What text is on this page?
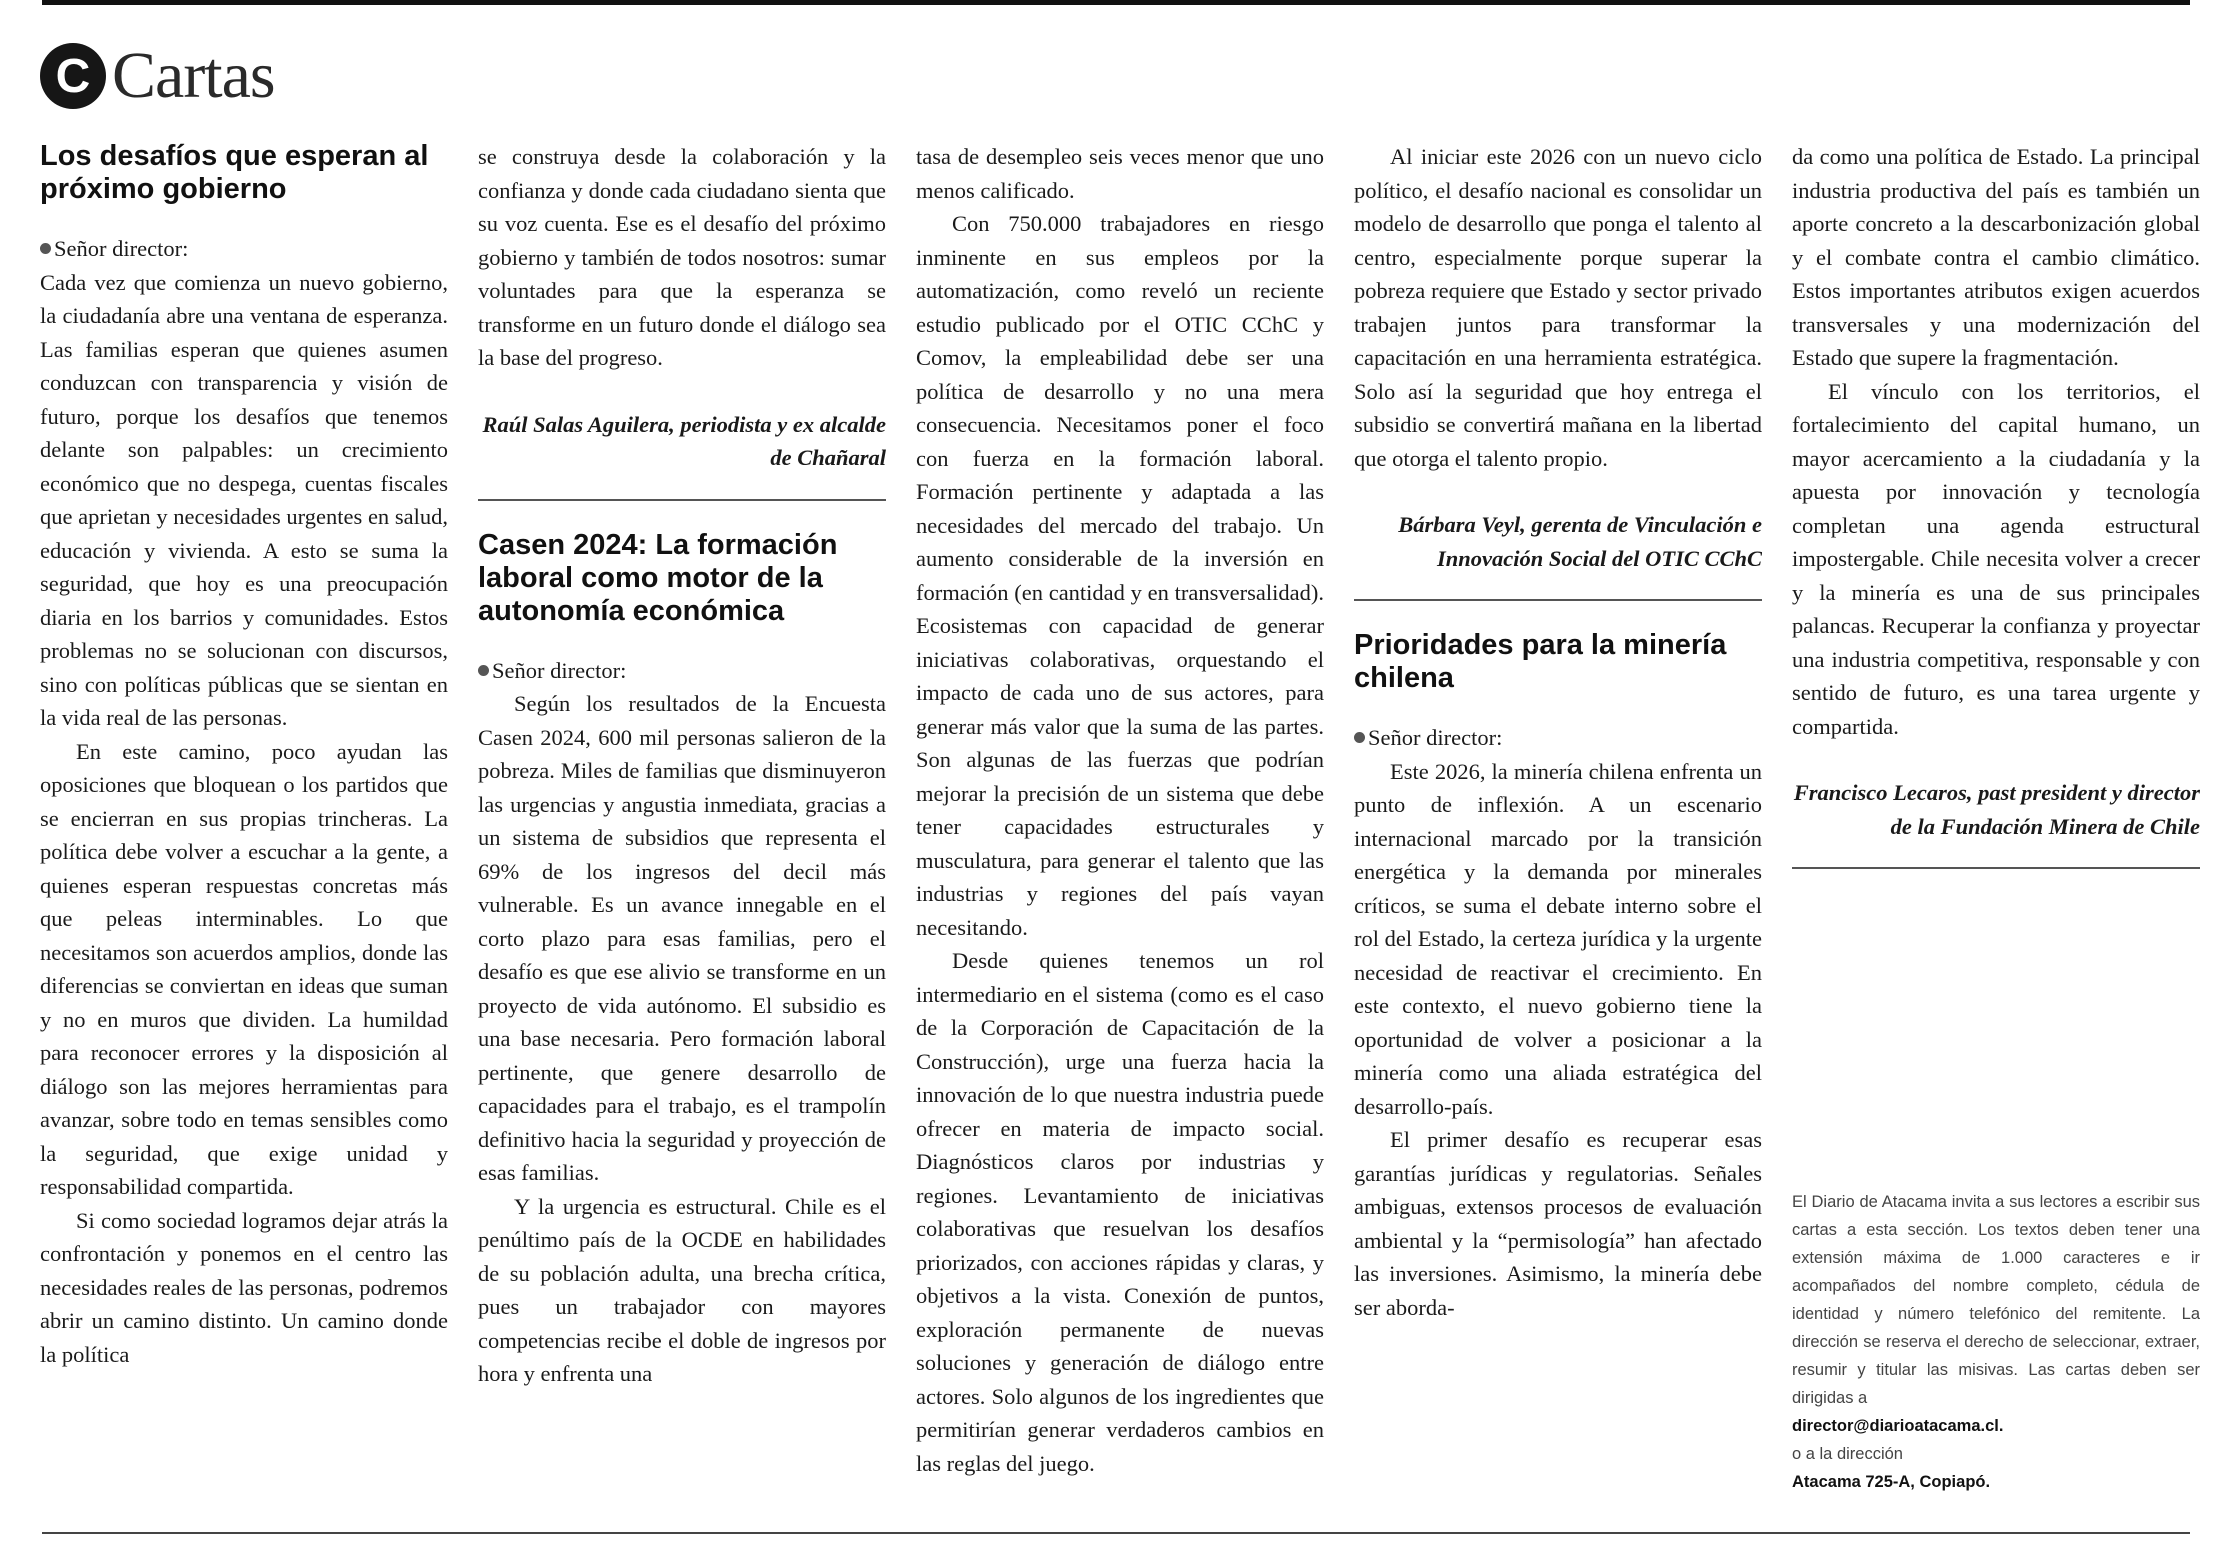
C Cartas
Los desafíos que esperan al próximo gobierno

Señor director:

Cada vez que comienza un nuevo gobierno, la ciudadanía abre una ventana de esperanza. Las familias esperan que quienes asumen conduzcan con transparencia y visión de futuro, porque los desafíos que tenemos delante son palpables: un crecimiento económico que no despega, cuentas fiscales que aprietan y necesidades urgentes en salud, educación y vivienda. A esto se suma la seguridad, que hoy es una preocupación diaria en los barrios y comunidades. Estos problemas no se solucionan con discursos, sino con políticas públicas que se sientan en la vida real de las personas.

En este camino, poco ayudan las oposiciones que bloquean o los partidos que se encierran en sus propias trincheras. La política debe volver a escuchar a la gente, a quienes esperan respuestas concretas más que peleas interminables. Lo que necesitamos son acuerdos amplios, donde las diferencias se conviertan en ideas que suman y no en muros que dividen. La humildad para reconocer errores y la disposición al diálogo son las mejores herramientas para avanzar, sobre todo en temas sensibles como la seguridad, que exige unidad y responsabilidad compartida.

Si como sociedad logramos dejar atrás la confrontación y ponemos en el centro las necesidades reales de las personas, podremos abrir un camino distinto. Un camino donde la política

se construya desde la colaboración y la confianza y donde cada ciudadano sienta que su voz cuenta. Ese es el desafío del próximo gobierno y también de todos nosotros: sumar voluntades para que la esperanza se transforme en un futuro donde el diálogo sea la base del progreso.

Raúl Salas Aguilera, periodista y ex alcalde de Chañaral

Casen 2024: La formación laboral como motor de la autonomía económica

Señor director:

Según los resultados de la Encuesta Casen 2024, 600 mil personas salieron de la pobreza. Miles de familias que disminuyeron las urgencias y angustia inmediata, gracias a un sistema de subsidios que representa el 69% de los ingresos del decil más vulnerable. Es un avance innegable en el corto plazo para esas familias, pero el desafío es que ese alivio se transforme en un proyecto de vida autónomo. El subsidio es una base necesaria. Pero formación laboral pertinente, que genere desarrollo de capacidades para el trabajo, es el trampolín definitivo hacia la seguridad y proyección de esas familias.

Y la urgencia es estructural. Chile es el penúltimo país de la OCDE en habilidades de su población adulta, una brecha crítica, pues un trabajador con mayores competencias recibe el doble de ingresos por hora y enfrenta una

tasa de desempleo seis veces menor que uno menos calificado.

Con 750.000 trabajadores en riesgo inminente en sus empleos por la automatización, como reveló un reciente estudio publicado por el OTIC CChC y Comov, la empleabilidad debe ser una política de desarrollo y no una mera consecuencia. Necesitamos poner el foco con fuerza en la formación laboral. Formación pertinente y adaptada a las necesidades del mercado del trabajo. Un aumento considerable de la inversión en formación (en cantidad y en transversalidad). Ecosistemas con capacidad de generar iniciativas colaborativas, orquestando el impacto de cada uno de sus actores, para generar más valor que la suma de las partes. Son algunas de las fuerzas que podrían mejorar la precisión de un sistema que debe tener capacidades estructurales y musculatura, para generar el talento que las industrias y regiones del país vayan necesitando.

Desde quienes tenemos un rol intermediario en el sistema (como es el caso de la Corporación de Capacitación de la Construcción), urge una fuerza hacia la innovación de lo que nuestra industria puede ofrecer en materia de impacto social. Diagnósticos claros por industrias y regiones. Levantamiento de iniciativas colaborativas que resuelvan los desafíos priorizados, con acciones rápidas y claras, y objetivos a la vista. Conexión de puntos, exploración permanente de nuevas soluciones y generación de diálogo entre actores. Solo algunos de los ingredientes que permitirían generar verdaderos cambios en las reglas del juego.

Al iniciar este 2026 con un nuevo ciclo político, el desafío nacional es consolidar un modelo de desarrollo que ponga el talento al centro, especialmente porque superar la pobreza requiere que Estado y sector privado trabajen juntos para transformar la capacitación en una herramienta estratégica. Solo así la seguridad que hoy entrega el subsidio se convertirá mañana en la libertad que otorga el talento propio.

Bárbara Veyl, gerenta de Vinculación e Innovación Social del OTIC CChC

Prioridades para la minería chilena

Señor director:

Este 2026, la minería chilena enfrenta un punto de inflexión. A un escenario internacional marcado por la transición energética y la demanda por minerales críticos, se suma el debate interno sobre el rol del Estado, la certeza jurídica y la urgente necesidad de reactivar el crecimiento. En este contexto, el nuevo gobierno tiene la oportunidad de volver a posicionar a la minería como una aliada estratégica del desarrollo-país.

El primer desafío es recuperar esas garantías jurídicas y regulatorias. Señales ambiguas, extensos procesos de evaluación ambiental y la “permisología” han afectado las inversiones. Asimismo, la minería debe ser aborda-

da como una política de Estado. La principal industria productiva del país es también un aporte concreto a la descarbonización global y el combate contra el cambio climático. Estos importantes atributos exigen acuerdos transversales y una modernización del Estado que supere la fragmentación.

El vínculo con los territorios, el fortalecimiento del capital humano, un mayor acercamiento a la ciudadanía y la apuesta por innovación y tecnología completan una agenda estructural impostergable. Chile necesita volver a crecer y la minería es una de sus principales palancas. Recuperar la confianza y proyectar una industria competitiva, responsable y con sentido de futuro, es una tarea urgente y compartida.

Francisco Lecaros, past president y director de la Fundación Minera de Chile

El Diario de Atacama invita a sus lectores a escribir sus cartas a esta sección. Los textos deben tener una extensión máxima de 1.000 caracteres e ir acompañados del nombre completo, cédula de identidad y número telefónico del remitente. La dirección se reserva el derecho de seleccionar, extraer, resumir y titular las misivas. Las cartas deben ser dirigidas a

director@diarioatacama.cl.

o a la dirección

Atacama 725-A, Copiapó.
